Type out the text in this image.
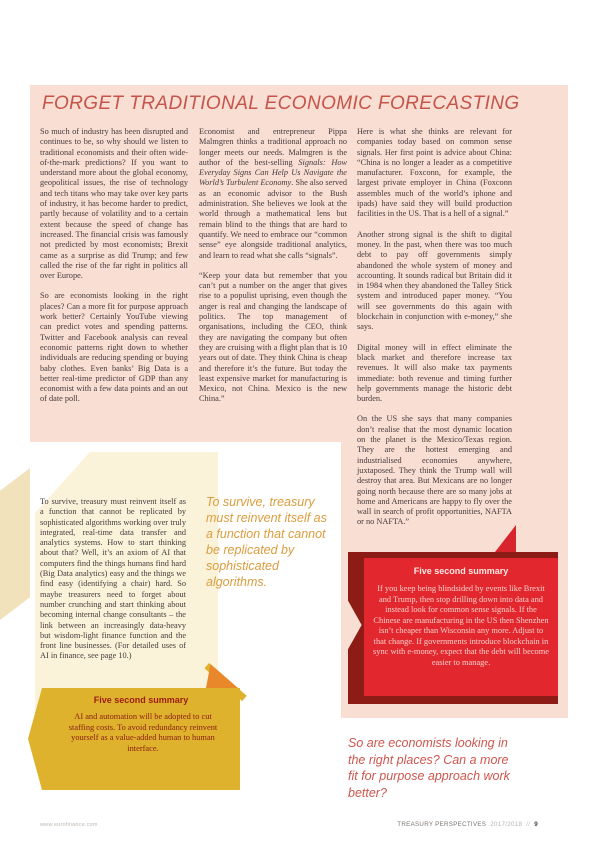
FORGET TRADITIONAL ECONOMIC FORECASTING

So much of industry has been disrupted and continues to be, so why should we listen to traditional economists and their often wide-of-the-mark predictions? If you want to understand more about the global economy, geopolitical issues, the rise of technology and tech titans who may take over key parts of industry, it has become harder to predict, partly because of volatility and to a certain extent because the speed of change has increased. The financial crisis was famously not predicted by most economists; Brexit came as a surprise as did Trump; and few called the rise of the far right in politics all over Europe.

So are economists looking in the right places? Can a more fit for purpose approach work better? Certainly YouTube viewing can predict votes and spending patterns. Twitter and Facebook analysis can reveal economic patterns right down to whether individuals are reducing spending or buying baby clothes. Even banks’ Big Data is a better real-time predictor of GDP than any economist with a few data points and an out of date poll.

Economist and entrepreneur Pippa Malmgren thinks a traditional approach no longer meets our needs. Malmgren is the author of the best-selling Signals: How Everyday Signs Can Help Us Navigate the World’s Turbulent Economy. She also served as an economic advisor to the Bush administration. She believes we look at the world through a mathematical lens but remain blind to the things that are hard to quantify. We need to embrace our “common sense” eye alongside traditional analytics, and learn to read what she calls “signals”.

“Keep your data but remember that you can’t put a number on the anger that gives rise to a populist uprising, even though the anger is real and changing the landscape of politics. The top management of organisations, including the CEO, think they are navigating the company but often they are cruising with a flight plan that is 10 years out of date. They think China is cheap and therefore it’s the future. But today the least expensive market for manufacturing is Mexico, not China. Mexico is the new China.”

Here is what she thinks are relevant for companies today based on common sense signals. Her first point is advice about China: “China is no longer a leader as a competitive manufacturer. Foxconn, for example, the largest private employer in China (Foxconn assembles much of the world’s iphone and ipads) have said they will build production facilities in the US. That is a hell of a signal.”

Another strong signal is the shift to digital money. In the past, when there was too much debt to pay off governments simply abandoned the whole system of money and accounting. It sounds radical but Britain did it in 1984 when they abandoned the Talley Stick system and introduced paper money. “You will see governments do this again with blockchain in conjunction with e-money,” she says.

Digital money will in effect eliminate the black market and therefore increase tax revenues. It will also make tax payments immediate: both revenue and timing further help governments manage the historic debt burden.

On the US she says that many companies don’t realise that the most dynamic location on the planet is the Mexico/Texas region. They are the hottest emerging and industrialised economies anywhere, juxtaposed. They think the Trump wall will destroy that area. But Mexicans are no longer going north because there are so many jobs at home and Americans are happy to fly over the wall in search of profit opportunities, NAFTA or no NAFTA.”

To survive, treasury must reinvent itself as a function that cannot be replicated by sophisticated algorithms working over truly integrated, real-time data transfer and analytics systems. How to start thinking about that? Well, it’s an axiom of AI that computers find the things humans find hard (Big Data analytics) easy and the things we find easy (identifying a chair) hard. So maybe treasurers need to forget about number crunching and start thinking about becoming internal change consultants – the link between an increasingly data-heavy but wisdom-light finance function and the front line businesses. (For detailed uses of AI in finance, see page 10.)

To survive, treasury must reinvent itself as a function that cannot be replicated by sophisticated algorithms.
Five second summary
AI and automation will be adopted to cut staffing costs. To avoid redundancy reinvent yourself as a value-added human to human interface.
Five second summary
If you keep being blindsided by events like Brexit and Trump, then stop drilling down into data and instead look for common sense signals. If the Chinese are manufacturing in the US then Shenzhen isn’t cheaper than Wisconsin any more. Adjust to that change. If governments introduce blockchain in sync with e-money, expect that the debt will become easier to manage.
So are economists looking in the right places? Can a more fit for purpose approach work better?
www.eurofinance.com	TREASURY PERSPECTIVES 2017/2018 // 9
